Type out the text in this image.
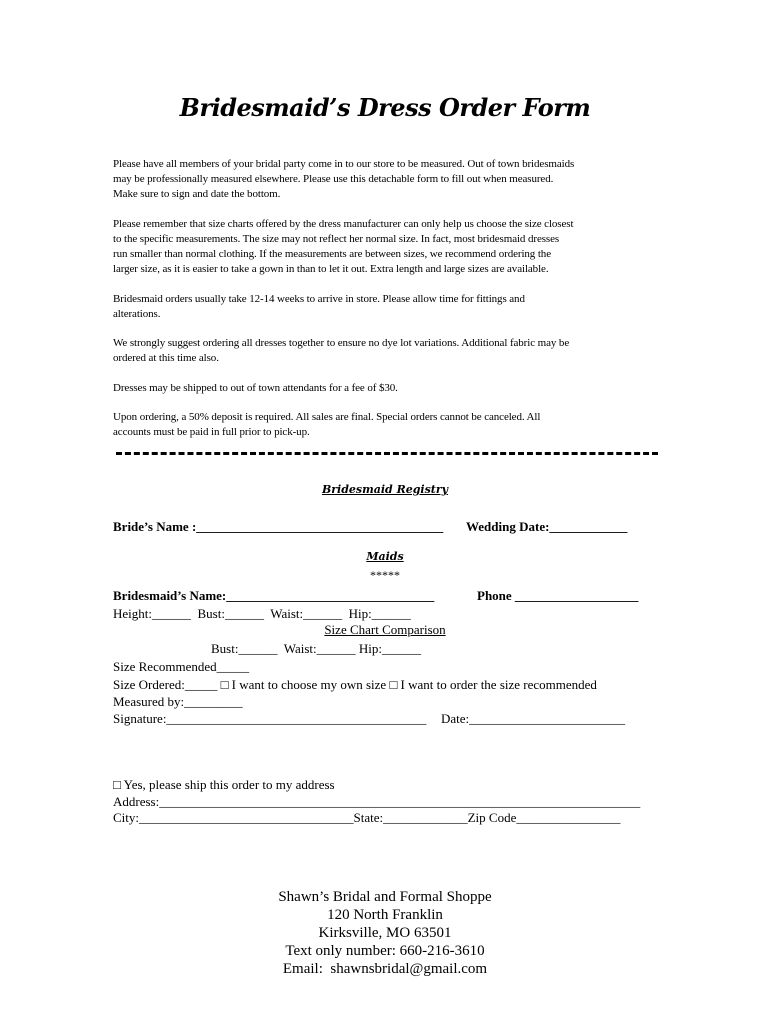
Bridesmaid’s Dress Order Form

Please have all members of your bridal party come in to our store to be measured. Out of town bridesmaids
may be professionally measured elsewhere. Please use this detachable form to fill out when measured.
Make sure to sign and date the bottom.

Please remember that size charts offered by the dress manufacturer can only help us choose the size closest
to the specific measurements. The size may not reflect her normal size. In fact, most bridesmaid dresses
run smaller than normal clothing. If the measurements are between sizes, we recommend ordering the
larger size, as it is easier to take a gown in than to let it out. Extra length and large sizes are available.

Bridesmaid orders usually take 12-14 weeks to arrive in store. Please allow time for fittings and
alterations.

We strongly suggest ordering all dresses together to ensure no dye lot variations. Additional fabric may be
ordered at this time also.

Dresses may be shipped to out of town attendants for a fee of $30.

Upon ordering, a 50% deposit is required. All sales are final. Special orders cannot be canceled. All
accounts must be paid in full prior to pick-up.

Bridesmaid Registry
Bride’s Name :______________________________________ Wedding Date:____________
Maids
*****
Bridesmaid’s Name:________________________________	Phone ___________________
Height:______  Bust:______  Waist:______  Hip:______
Size Chart Comparison
Bust:______  Waist:______ Hip:______
Size Recommended_____
Size Ordered:_____ □ I want to choose my own size □ I want to order the size recommended
Measured by:_________
Signature:________________________________________ Date:________________________
□ Yes, please ship this order to my address
Address:__________________________________________________________________________
City:_________________________________State:_____________Zip Code________________
Shawn’s Bridal and Formal Shoppe
120 North Franklin
Kirksville, MO 63501
Text only number: 660-216-3610
Email:  shawnsbridal@gmail.com
